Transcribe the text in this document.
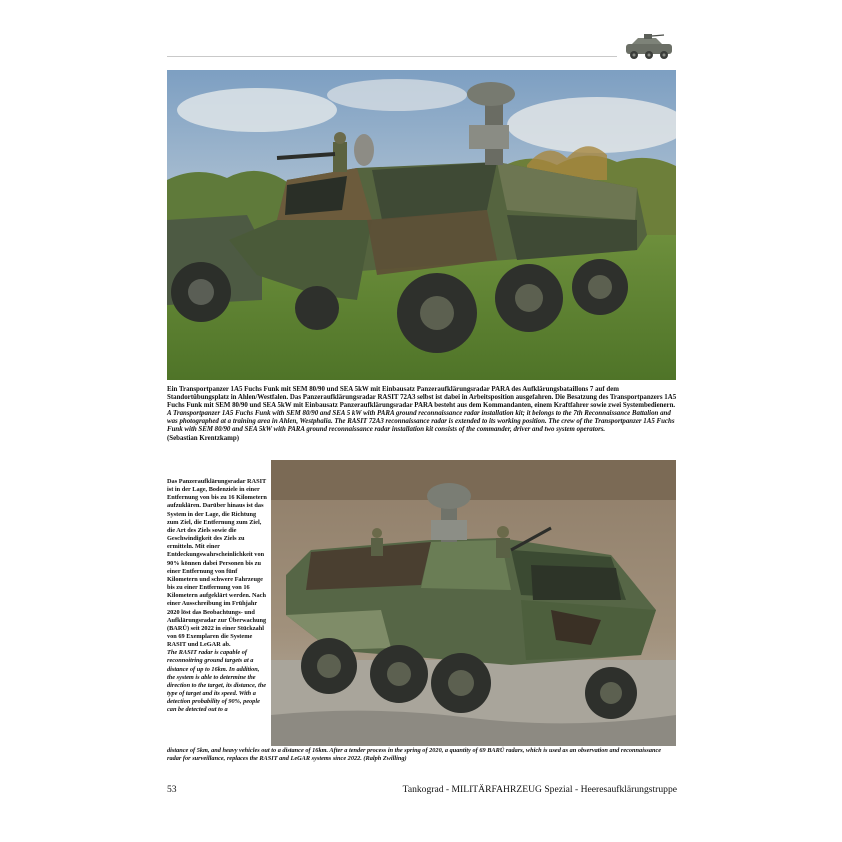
Ein Transportpanzer 1A5 Fuchs Funk mit SEM 80/90 und SEA 5kW mit Einbausatz Panzeraufklärungsradar PARA des Aufklärungsbataillons 7 auf dem Standortübungsplatz in Ahlen/Westfalen. Das Panzeraufklärungsradar RASIT 72A3 selbst ist dabei in Arbeitsposition ausgefahren. Die Besatzung des Transportpanzers 1A5 Fuchs Funk mit SEM 80/90 und SEA 5kW mit Einbausatz Panzeraufklärungsradar PARA besteht aus dem Kommandanten, einem Kraftfahrer sowie zwei Systembedienern.

A Transportpanzer 1A5 Fuchs Funk with SEM 80/90 and SEA 5 kW with PARA ground reconnaissance radar installation kit; it belongs to the 7th Reconnaissance Battalion and was photographed at a training area in Ahlen, Westphalia. The RASIT 72A3 reconnaissance radar is extended to its working position. The crew of the Transportpanzer 1A5 Fuchs Funk with SEM 80/90 and SEA 5kW with PARA ground reconnaissance radar installation kit consists of the commander, driver and two system operators.

(Sebastian Krentzkamp)

Das Panzeraufklärungsradar RASIT ist in der Lage, Bodenziele in einer Entfernung von bis zu 16 Kilometern aufzuklären. Darüber hinaus ist das System in der Lage, die Richtung zum Ziel, die Entfernung zum Ziel, die Art des Ziels sowie die Geschwindigkeit des Ziels zu ermitteln. Mit einer Entdeckungswahrscheinlichkeit von 90% können dabei Personen bis zu einer Entfernung von fünf Kilometern und schwere Fahrzeuge bis zu einer Entfernung von 16 Kilometern aufgeklärt werden. Nach einer Ausschreibung im Frühjahr 2020 löst das Beobachtungs- und Aufklärungsradar zur Überwachung (BARÜ) seit 2022 in einer Stückzahl von 69 Exemplaren die Systeme RASIT und LeGAR ab.

The RASIT radar is capable of reconnoitring ground targets at a distance of up to 16km. In addition, the system is able to determine the direction to the target, its distance, the type of target and its speed. With a detection probability of 90%, people can be detected out to a

distance of 5km, and heavy vehicles out to a distance of 16km. After a tender process in the spring of 2020, a quantity of 69 BARÜ radars, which is used as an observation and reconnaissance radar for surveillance, replaces the RASIT and LeGAR systems since 2022. (Ralph Zwilling)
53	Tankograd - MILITÄRFAHRZEUG Spezial - Heeresaufklärungstruppe
